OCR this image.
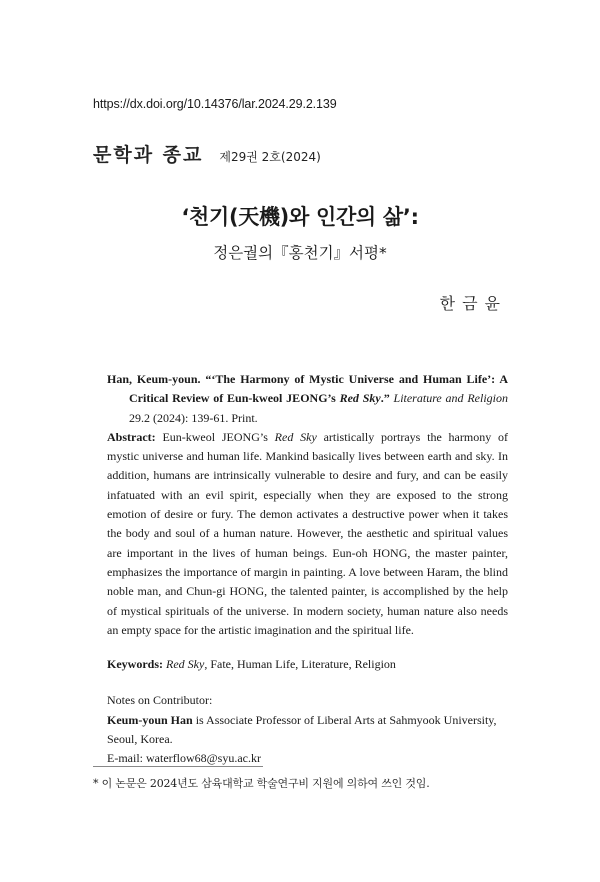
https://dx.doi.org/10.14376/lar.2024.29.2.139
문학과 종교 제29권 2호(2024)
‘천기(天機)와 인간의 삶’:
정은궐의『홍천기』서평*
한금윤
Han, Keum-youn. “‘The Harmony of Mystic Universe and Human Life’: A Critical Review of Eun-kweol JEONG’s Red Sky.” Literature and Religion 29.2 (2024): 139-61. Print.
Abstract: Eun-kweol JEONG’s Red Sky artistically portrays the harmony of mystic universe and human life. Mankind basically lives between earth and sky. In addition, humans are intrinsically vulnerable to desire and fury, and can be easily infatuated with an evil spirit, especially when they are exposed to the strong emotion of desire or fury. The demon activates a destructive power when it takes the body and soul of a human nature. However, the aesthetic and spiritual values are important in the lives of human beings. Eun-oh HONG, the master painter, emphasizes the importance of margin in painting. A love between Haram, the blind noble man, and Chun-gi HONG, the talented painter, is accomplished by the help of mystical spirituals of the universe. In modern society, human nature also needs an empty space for the artistic imagination and the spiritual life.
Keywords: Red Sky, Fate, Human Life, Literature, Religion
Notes on Contributor:
Keum-youn Han is Associate Professor of Liberal Arts at Sahmyook University, Seoul, Korea.
E-mail: waterflow68@syu.ac.kr
* 이 논문은 2024년도 삼육대학교 학술연구비 지원에 의하여 쓰인 것임.
